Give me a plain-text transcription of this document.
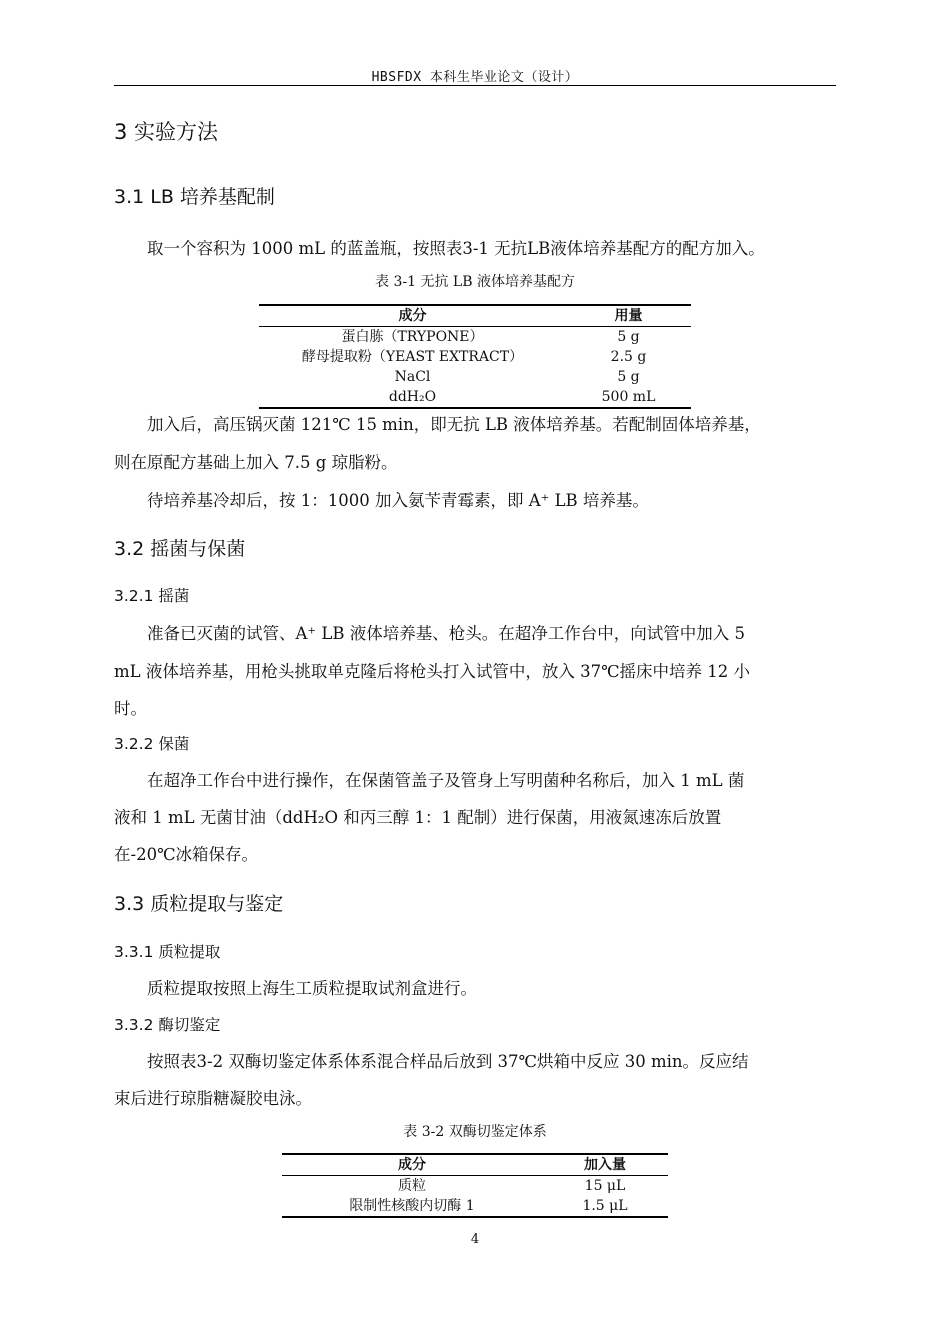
HBSFDX 本科生毕业论文（设计）
3 实验方法
3.1 LB 培养基配制
取一个容积为 1000 mL 的蓝盖瓶，按照表3-1 无抗LB液体培养基配方的配方加入。
表 3-1 无抗 LB 液体培养基配方
成分	用量
蛋白胨（TRYPONE）	5 g
酵母提取粉（YEAST EXTRACT）	2.5 g
NaCl	5 g
ddH₂O	500 mL
加入后，高压锅灭菌 121℃ 15 min，即无抗 LB 液体培养基。若配制固体培养基，
则在原配方基础上加入 7.5 g 琼脂粉。
待培养基冷却后，按 1：1000 加入氨苄青霉素，即 A⁺ LB 培养基。
3.2 摇菌与保菌
3.2.1 摇菌
准备已灭菌的试管、A⁺ LB 液体培养基、枪头。在超净工作台中，向试管中加入 5
mL 液体培养基，用枪头挑取单克隆后将枪头打入试管中，放入 37℃摇床中培养 12 小
时。
3.2.2 保菌
在超净工作台中进行操作，在保菌管盖子及管身上写明菌种名称后，加入 1 mL 菌
液和 1 mL 无菌甘油（ddH₂O 和丙三醇 1：1 配制）进行保菌，用液氮速冻后放置
在-20℃冰箱保存。
3.3 质粒提取与鉴定
3.3.1 质粒提取
质粒提取按照上海生工质粒提取试剂盒进行。
3.3.2 酶切鉴定
按照表3-2 双酶切鉴定体系体系混合样品后放到 37℃烘箱中反应 30 min。反应结
束后进行琼脂糖凝胶电泳。
表 3-2 双酶切鉴定体系
成分	加入量
质粒	15 μL
限制性核酸内切酶 1	1.5 μL
4
